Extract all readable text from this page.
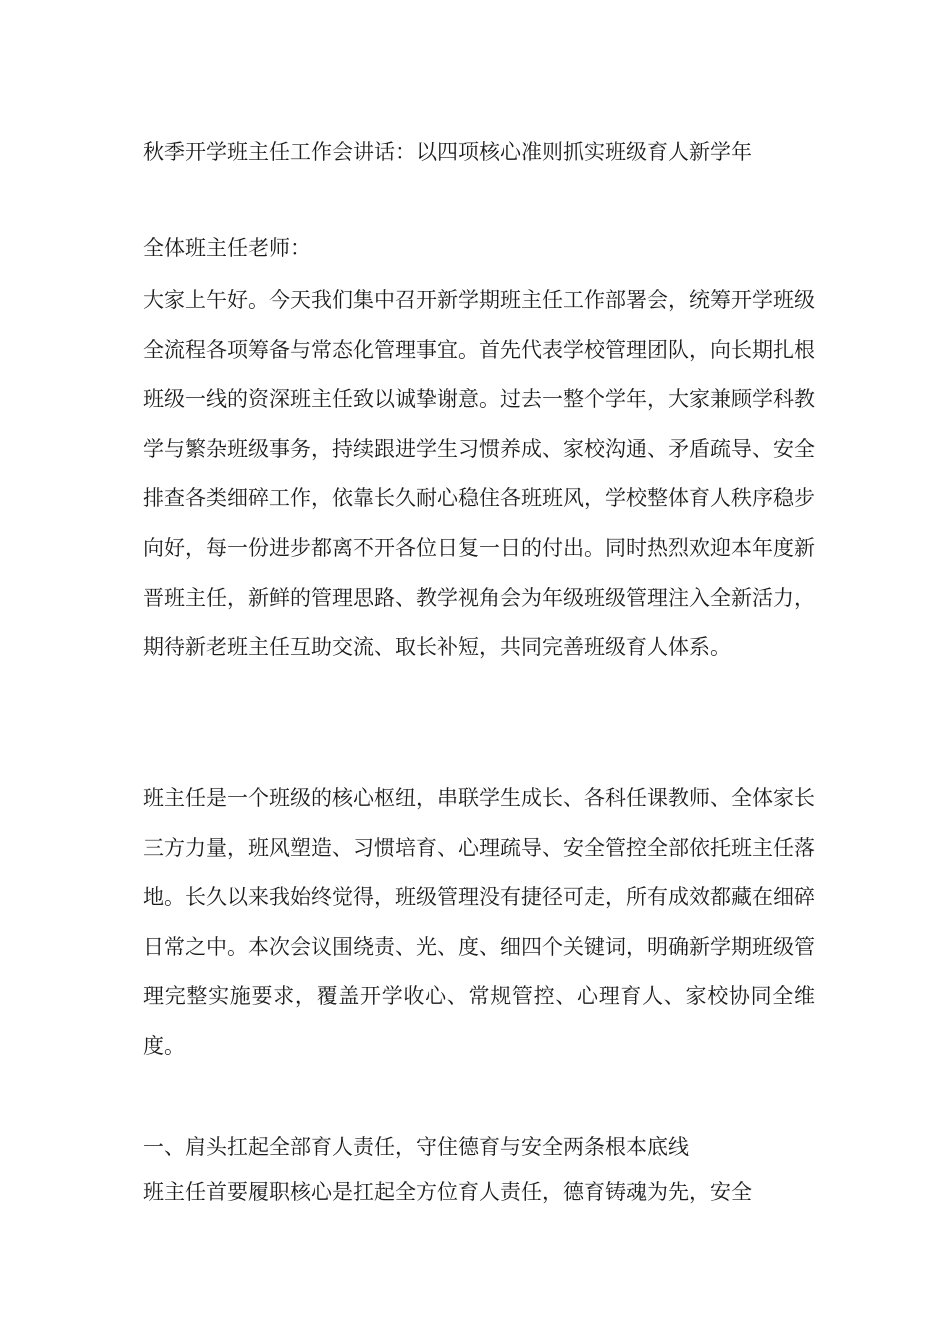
秋季开学班主任工作会讲话：以四项核心准则抓实班级育人新学年
全体班主任老师：
大家上午好。今天我们集中召开新学期班主任工作部署会，统筹开学班级全流程各项筹备与常态化管理事宜。首先代表学校管理团队，向长期扎根班级一线的资深班主任致以诚挚谢意。过去一整个学年，大家兼顾学科教学与繁杂班级事务，持续跟进学生习惯养成、家校沟通、矛盾疏导、安全排查各类细碎工作，依靠长久耐心稳住各班班风，学校整体育人秩序稳步向好，每一份进步都离不开各位日复一日的付出。同时热烈欢迎本年度新晋班主任，新鲜的管理思路、教学视角会为年级班级管理注入全新活力，期待新老班主任互助交流、取长补短，共同完善班级育人体系。
班主任是一个班级的核心枢纽，串联学生成长、各科任课教师、全体家长三方力量，班风塑造、习惯培育、心理疏导、安全管控全部依托班主任落地。长久以来我始终觉得，班级管理没有捷径可走，所有成效都藏在细碎日常之中。本次会议围绕责、光、度、细四个关键词，明确新学期班级管理完整实施要求，覆盖开学收心、常规管控、心理育人、家校协同全维度。
一、肩头扛起全部育人责任，守住德育与安全两条根本底线
班主任首要履职核心是扛起全方位育人责任，德育铸魂为先，安全
